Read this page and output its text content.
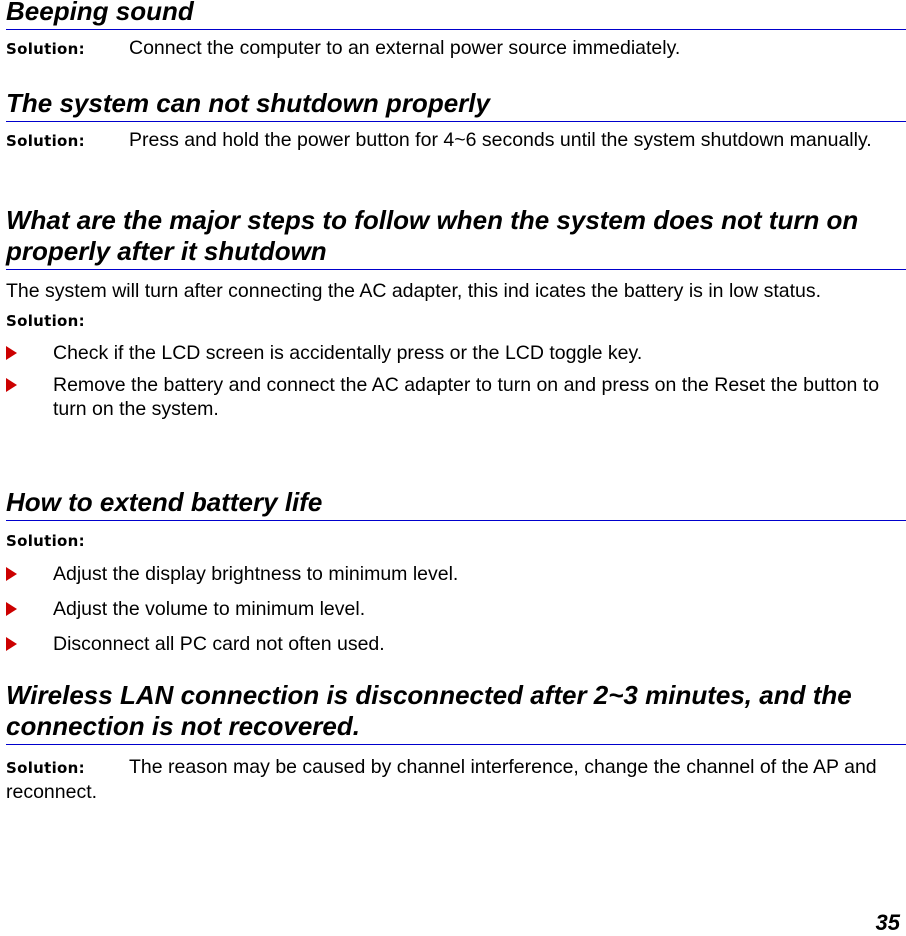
Beeping sound

Solution: Connect the computer to an external power source immediately.

The system can not shutdown properly

Solution: Press and hold the power button for 4~6 seconds until the system shutdown manually.

What are the major steps to follow when the system does not turn on properly after it shutdown

The system will turn after connecting the AC adapter, this ind icates the battery is in low status.

Solution:
Check if the LCD screen is accidentally press or the LCD toggle key.
Remove the battery and connect the AC adapter to turn on and press on the Reset the button to turn on the system.
How to extend battery life
Solution:
Adjust the display brightness to minimum level.
Adjust the volume to minimum level.
Disconnect all PC card not often used.
Wireless LAN connection is disconnected after 2~3 minutes, and the connection is not recovered.

Solution: The reason may be caused by channel interference, change the channel of the AP and reconnect.

35
